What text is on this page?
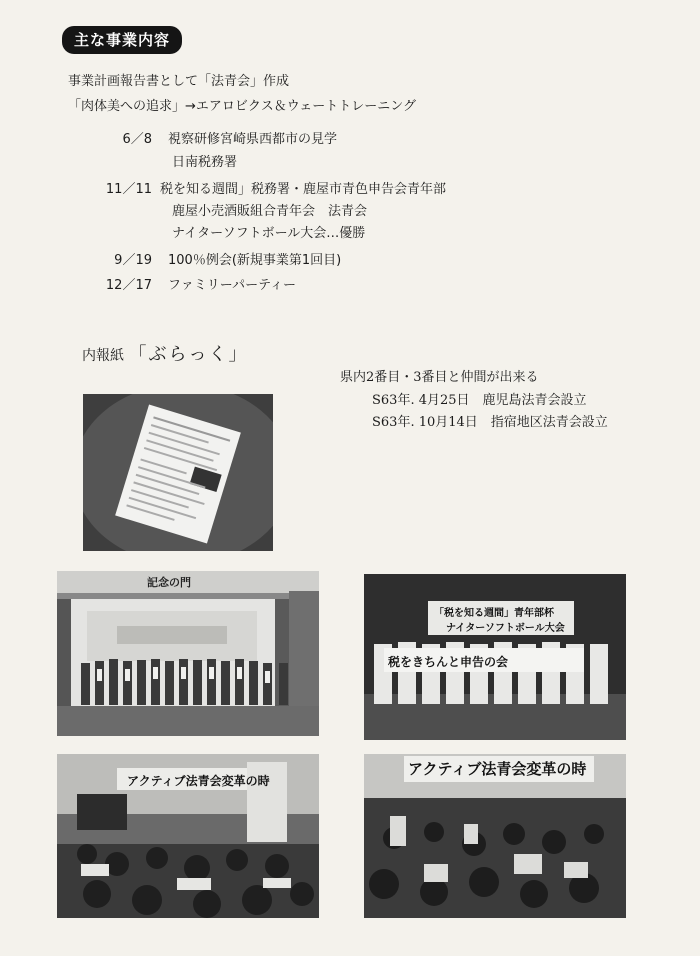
主な事業内容
事業計画報告書として「法青会」作成
「肉体美への追求」→エアロビクス＆ウェートトレーニング
6／8 視察研修宮崎県西都市の見学
日南税務署
11／11 税を知る週間」税務署・鹿屋市青色申告会青年部
鹿屋小売酒販組合青年会　法青会
ナイターソフトボール大会…優勝
9／19 100％例会(新規事業第1回目)
12／17 ファミリーパーティー
内報紙 「ぶらっく」
県内2番目・3番目と仲間が出来る
S63年. 4月25日　鹿児島法青会設立
S63年. 10月14日　指宿地区法青会設立
記念の門
「税を知る週間」青年部杯
ナイターソフトボール大会
税をきちんと申告の会
アクティブ法青会変革の時
アクティブ法青会変革の時
